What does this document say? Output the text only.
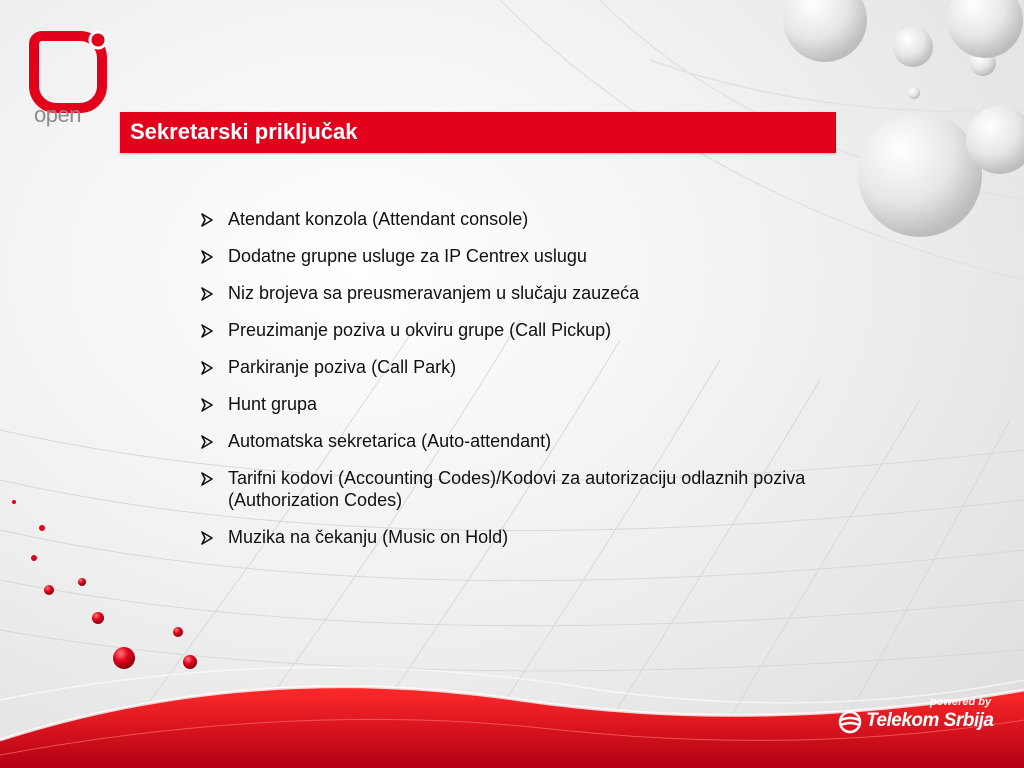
open
Sekretarski priključak
Atendant konzola (Attendant console)
Dodatne grupne usluge za IP Centrex uslugu
Niz brojeva sa preusmeravanjem u slučaju zauzeća
Preuzimanje poziva u okviru grupe (Call Pickup)
Parkiranje poziva (Call Park)
Hunt grupa
Automatska sekretarica (Auto-attendant)
Tarifni kodovi (Accounting Codes)/Kodovi za autorizaciju odlaznih poziva (Authorization Codes)
Muzika na čekanju (Music on Hold)
powered by
Telekom Srbija
